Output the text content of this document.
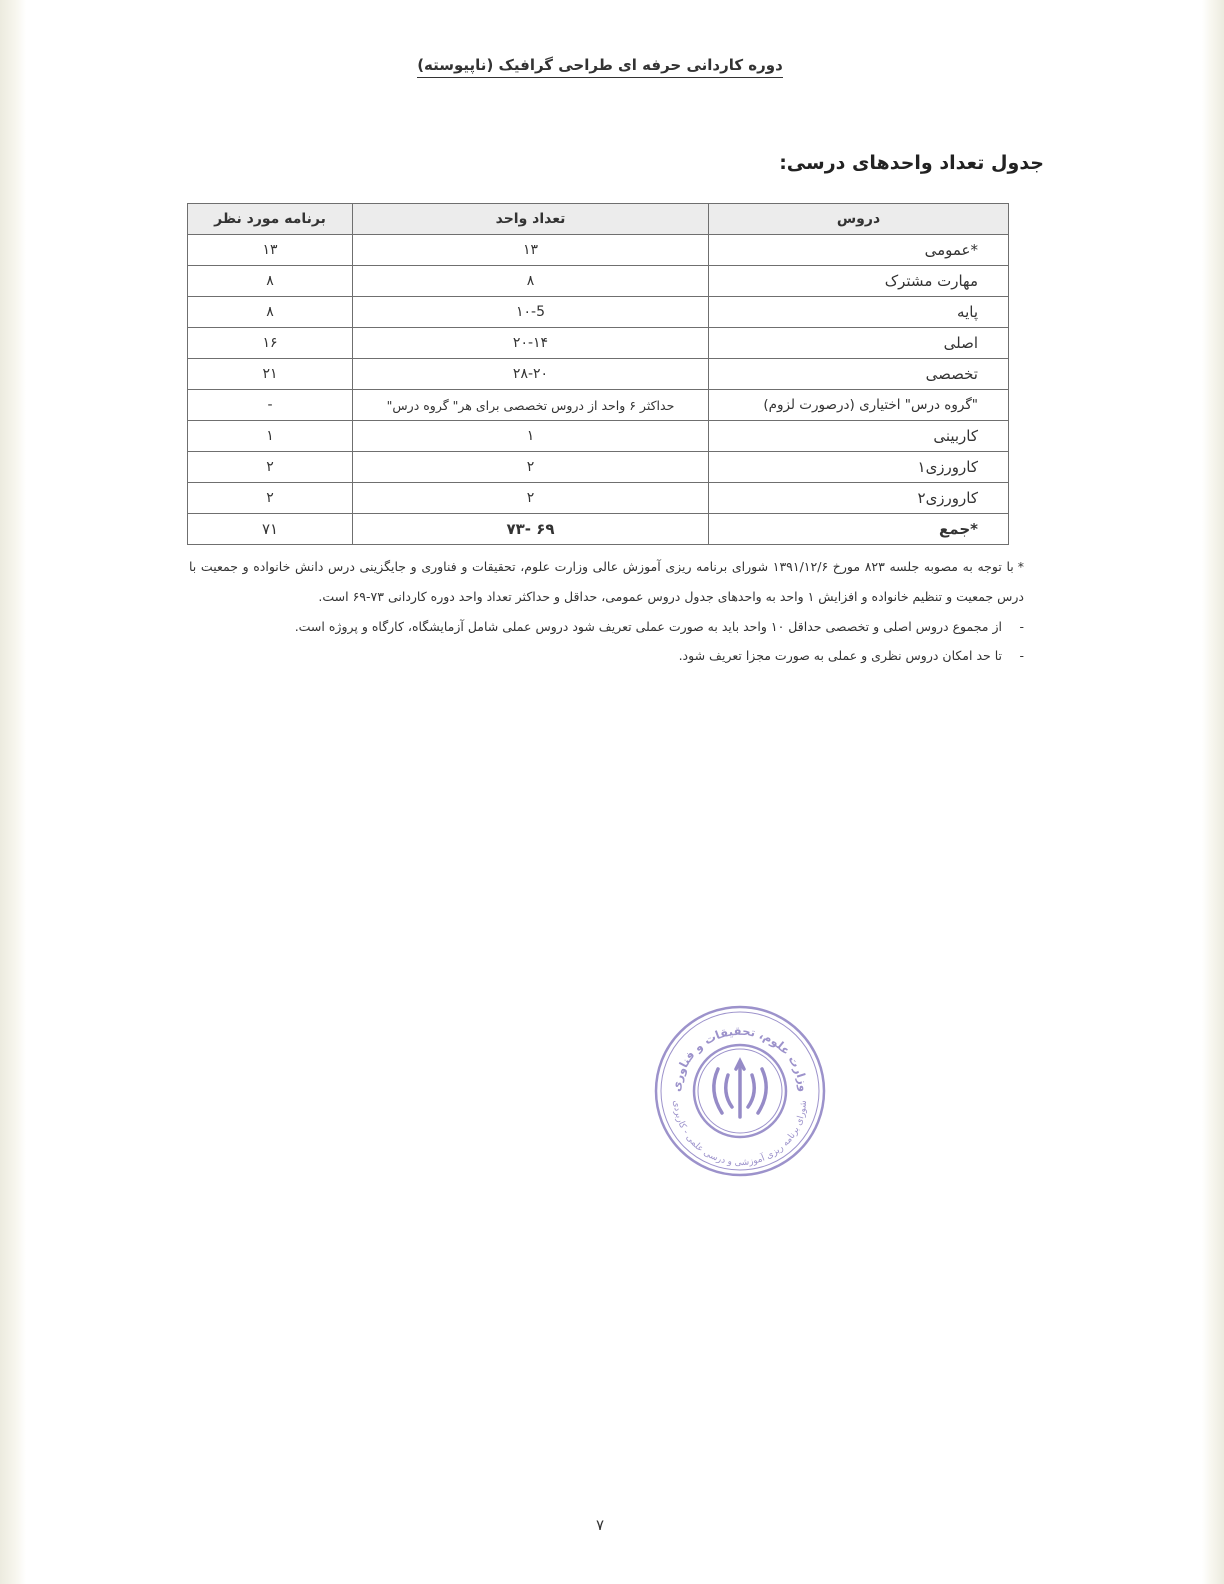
دوره کاردانی حرفه ای طراحی گرافیک (ناپیوسته)
جدول تعداد واحدهای درسی:
دروس	تعداد واحد	برنامه مورد نظر
*عمومی	۱۳	۱۳
مهارت مشترک	۸	۸
پایه	۱۰-5	۸
اصلی	۲۰-۱۴	۱۶
تخصصی	۲۸-۲۰	۲۱
"گروه درس" اختیاری (درصورت لزوم)	حداکثر ۶ واحد از دروس تخصصی برای هر" گروه درس"	-
کاربینی	۱	۱
کارورزی۱	۲	۲
کارورزی۲	۲	۲
*جمع	۶۹ -۷۳	۷۱
*با توجه به مصوبه جلسه ۸۲۳ مورخ ۱۳۹۱/۱۲/۶ شورای برنامه ریزی آموزش عالی وزارت علوم، تحقیقات و فناوری و جایگزینی درس دانش خانواده و جمعیت با درس جمعیت و تنظیم خانواده و افزایش ۱ واحد به واحدهای جدول دروس عمومی، حداقل و حداکثر تعداد واحد دوره کاردانی ۷۳-۶۹ است.
-از مجموع دروس اصلی و تخصصی حداقل ۱۰ واحد باید به صورت عملی تعریف شود دروس عملی شامل آزمایشگاه، کارگاه و پروژه است.
-تا حد امکان دروس نظری و عملی به صورت مجزا تعریف شود.
وزارت علوم، تحقیقات و فناوری
شورای برنامه ریزی آموزشی و درسی علمی - کاربردی
۷
